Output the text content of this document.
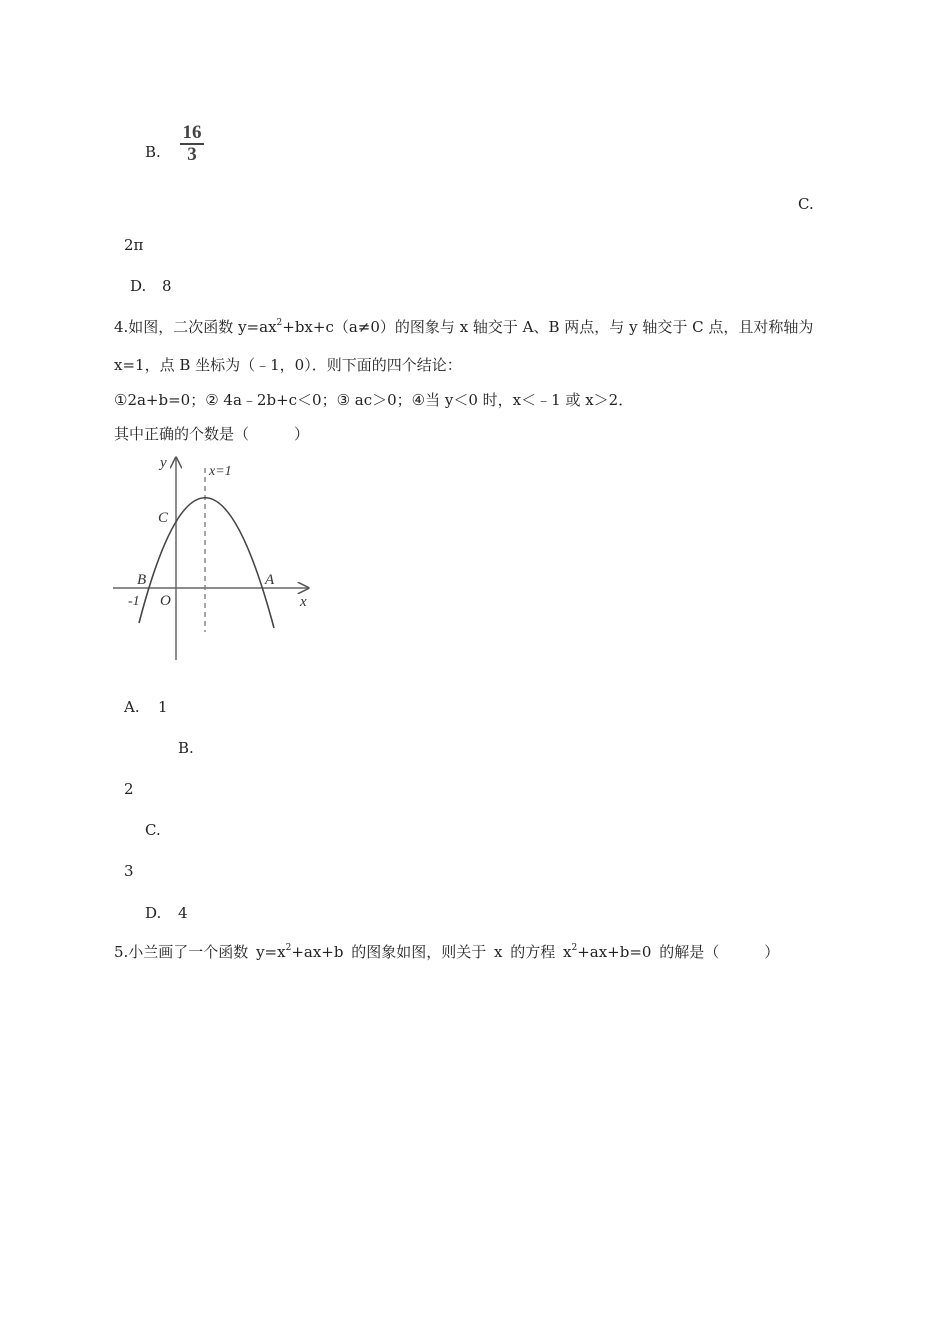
B.
16
3
C.
2π
D. 8
4.如图，二次函数 $y=ax^2+bx+c(a\ne 0)$的图象与 x 轴交于 A、B 两点，与 y 轴交于 C 点，且对称轴为
x=1，点 B 坐标为（﹣1，0）．则下面的四个结论：
①2a+b=0；② 4a﹣2b+c＜0；③ ac＞0；④当 y＜0 时，x＜﹣1 或 x＞2．
其中正确的个数是（　　　）
y
x
x=1
C
B	A
O
-1
A. 1
B.
2
C.
3
D. 4
5.小兰画了一个函数 $y=x^2+ax+b$ 的图象如图，则关于 x 的方程 $x^2+ax+b=0$ 的解是（　　　）
